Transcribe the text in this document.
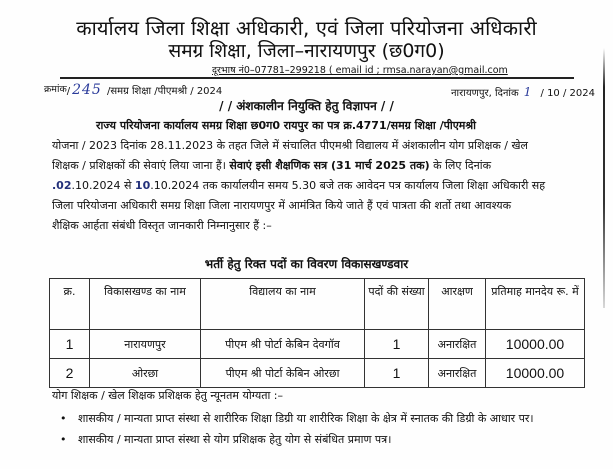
कार्यालय जिला शिक्षा अधिकारी, एवं जिला परियोजना अधिकारी
समग्र शिक्षा, जिला–नारायणपुर (छ0ग0)
दूरभाष नं0–07781–299218 ( email id ; rmsa.narayan@gmail.com
क्रमांक/ 245 /समग्र शिक्षा /पीएमश्री / 2024	नारायणपुर, दिनांक 1 / 10 / 2024
/ / अंशकालीन नियुक्ति हेतु विज्ञापन / /

राज्य परियोजना कार्यालय समग्र शिक्षा छ0ग0 रायपुर का पत्र क्र.4771/समग्र शिक्षा /पीएमश्री

योजना / 2023 दिनांक 28.11.2023 के तहत जिले में संचालित पीएमश्री विद्यालय में अंशकालीन योग प्रशिक्षक / खेल

शिक्षक / प्रशिक्षकों की सेवाएं लिया जाना हैं। सेवाएं इसी शैक्षणिक सत्र (31 मार्च 2025 तक) के लिए दिनांक

.02.10.2024 से 10.10.2024 तक कार्यालयीन समय 5.30 बजे तक आवेदन पत्र कार्यालय जिला शिक्षा अधिकारी सह

जिला परियोजना अधिकारी समग्र शिक्षा जिला नारायणपुर में आमंत्रित किये जाते हैं एवं पात्रता की शर्तो तथा आवश्यक

शैक्षिक आर्हता संबंधी विस्तृत जानकारी निम्नानुसार हैं :–

भर्ती हेतु रिक्त पदों का विवरण विकासखण्डवार
क्र.	विकासखण्ड का नाम	विद्यालय का नाम	पदों की संख्या	आरक्षण	प्रतिमाह मानदेय रू. में
1	नारायणपुर	पीएम श्री पोर्टा केबिन देवगॉव	1	अनारक्षित	10000.00
2	ओरछा	पीएम श्री पोर्टा केबिन ओरछा	1	अनारक्षित	10000.00
योग शिक्षक / खेल शिक्षक प्रशिक्षक हेतु न्यूनतम योग्यता :–
• शासकीय / मान्यता प्राप्त संस्था से शारीरिक शिक्षा डिग्री या शारीरिक शिक्षा के क्षेत्र में स्नातक की डिग्री के आधार पर।
• शासकीय / मान्यता प्राप्त संस्था से योग प्रशिक्षक हेतु योग से संबंधित प्रमाण पत्र।
